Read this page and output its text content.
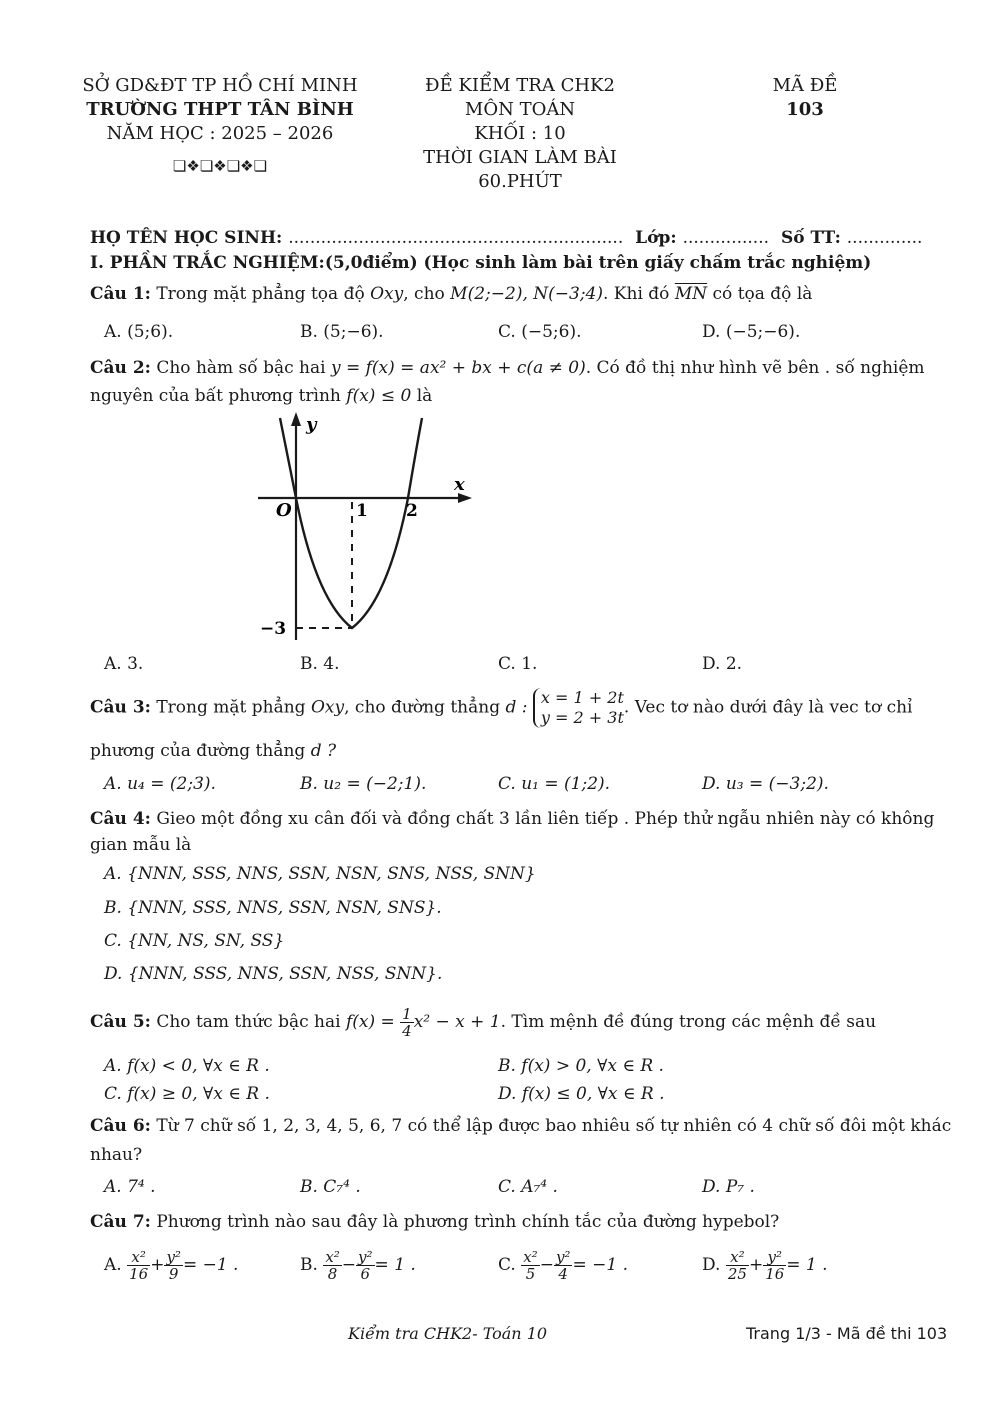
SỞ GD&ĐT TP HỒ CHÍ MINH
TRƯỜNG THPT TÂN BÌNH
NĂM HỌC : 2025 – 2026
❏❖❏❖❏❖❏
ĐỀ KIỂM TRA CHK2
MÔN TOÁN
KHỐI : 10
THỜI GIAN LÀM BÀI
60.PHÚT
MÃ ĐỀ
103
HỌ TÊN HỌC SINH: .............................................................. Lớp: ................ Số TT: ..............
I. PHẦN TRẮC NGHIỆM:(5,0điểm) (Học sinh làm bài trên giấy chấm trắc nghiệm)
Câu 1: Trong mặt phẳng tọa độ Oxy, cho M(2;−2), N(−3;4). Khi đó $\overline{MN}$ có tọa độ là
A. (5;6).	B. (5;−6).	C. (−5;6).	D. (−5;−6).
Câu 2: Cho hàm số bậc hai y = f(x) = ax² + bx + c(a ≠ 0). Có đồ thị như hình vẽ bên . số nghiệm
nguyên của bất phương trình f(x) ≤ 0 là
y
x
O	1 2
−3
A. 3.	B. 4.	C. 1.	D. 2.
Câu 3: Trong mặt phẳng Oxy, cho đường thẳng d : x = 1 + 2t
y = 2 + 3t . Vec tơ nào dưới đây là vec tơ chỉ
phương của đường thẳng d ?
A. u₄ = (2;3).	B. u₂ = (−2;1).	C. u₁ = (1;2).	D. u₃ = (−3;2).
Câu 4: Gieo một đồng xu cân đối và đồng chất 3 lần liên tiếp . Phép thử ngẫu nhiên này có không
gian mẫu là
A. {NNN, SSS, NNS, SSN, NSN, SNS, NSS, SNN}
B. {NNN, SSS, NNS, SSN, NSN, SNS}.
C. {NN, NS, SN, SS}
D. {NNN, SSS, NNS, SSN, NSS, SNN}.
Câu 5: Cho tam thức bậc hai $f(x) = \frac{1}{4} x^2 - x + 1$. Tìm mệnh đề đúng trong các mệnh đề sau
A. f(x) < 0, ∀x ∈ R .	B. f(x) > 0, ∀x ∈ R .
C. f(x) ≥ 0, ∀x ∈ R .	D. f(x) ≤ 0, ∀x ∈ R .
Câu 6: Từ 7 chữ số 1, 2, 3, 4, 5, 6, 7 có thể lập được bao nhiêu số tự nhiên có 4 chữ số đôi một khác
nhau?
A. 7⁴ .	B. C₇⁴ .	C. A₇⁴ .	D. P₇ .
Câu 7: Phương trình nào sau đây là phương trình chính tắc của đường hypebol?
A. $\frac{\text{x²}}{16} + \frac{\text{y²}}{9} = -1$ .	B. $\frac{\text{x²}}{8} - \frac{\text{y²}}{6} = 1$ .	C. $\frac{\text{x²}}{5} - \frac{\text{y²}}{4} = -1$ .	D. $\frac{\text{x²}}{25} + \frac{\text{y²}}{16} = 1$ .
Kiểm tra CHK2- Toán 10	Trang 1/3 - Mã đề thi 103
